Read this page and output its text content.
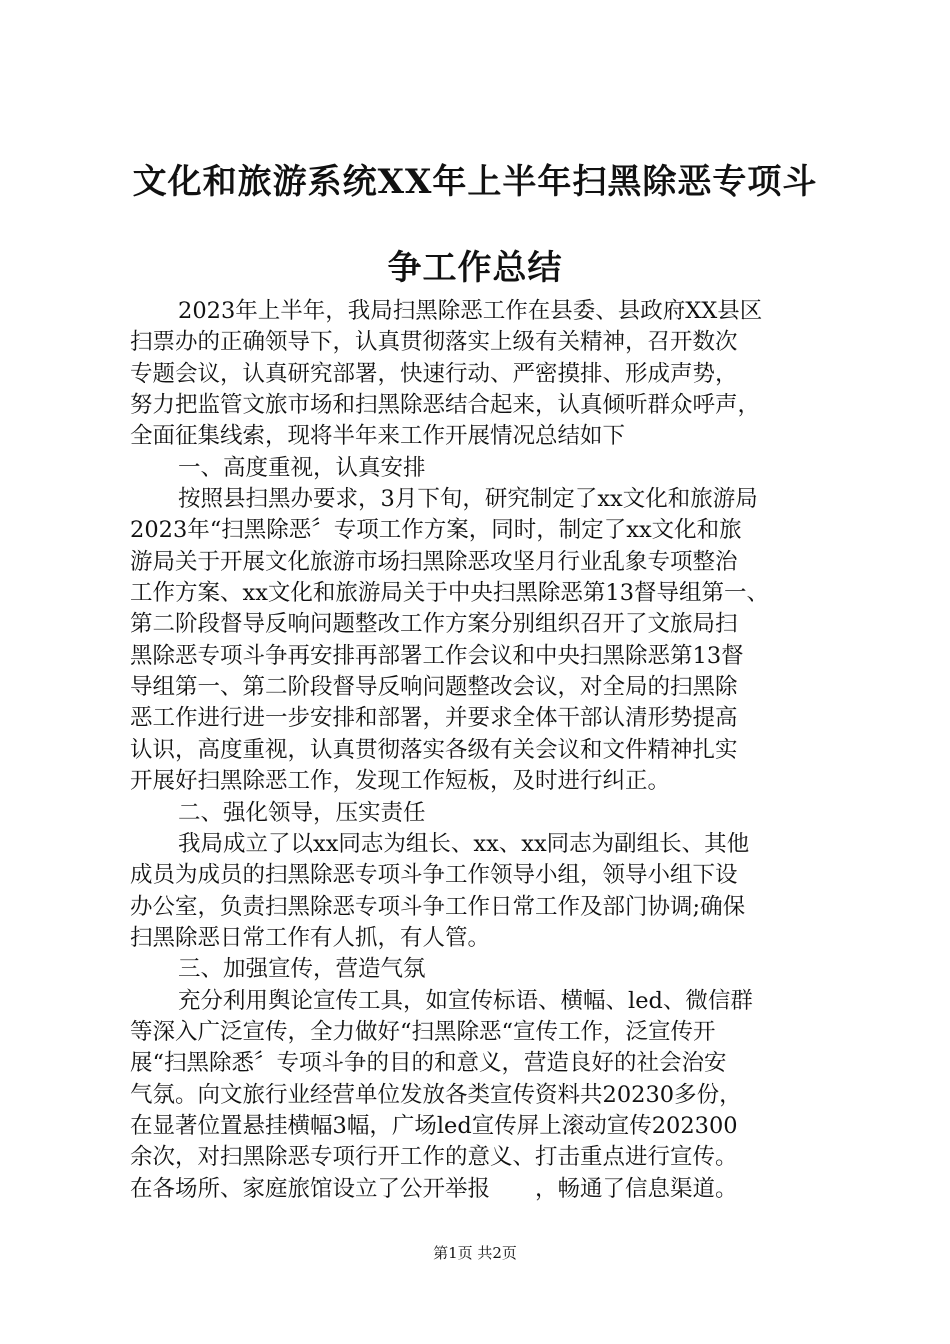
文化和旅游系统XX年上半年扫黑除恶专项斗
争工作总结
2023年上半年，我局扫黑除恶工作在县委、县政府XX县区
扫票办的正确领导下，认真贯彻落实上级有关精神，召开数次
专题会议，认真研究部署，快速行动、严密摸排、形成声势，
努力把监管文旅市场和扫黑除恶结合起来，认真倾听群众呼声，
全面征集线索，现将半年来工作开展情况总结如下
一、高度重视，认真安排
按照县扫黑办要求，3月下旬，研究制定了xx文化和旅游局
2023年“扫黑除恶〞专项工作方案，同时，制定了xx文化和旅
游局关于开展文化旅游市场扫黑除恶攻坚月行业乱象专项整治
工作方案、xx文化和旅游局关于中央扫黑除恶第13督导组第一、
第二阶段督导反响问题整改工作方案分别组织召开了文旅局扫
黑除恶专项斗争再安排再部署工作会议和中央扫黑除恶第13督
导组第一、第二阶段督导反响问题整改会议，对全局的扫黑除
恶工作进行进一步安排和部署，并要求全体干部认清形势提高
认识，高度重视，认真贯彻落实各级有关会议和文件精神扎实
开展好扫黑除恶工作，发现工作短板，及时进行纠正。
二、强化领导，压实责任
我局成立了以xx同志为组长、xx、xx同志为副组长、其他
成员为成员的扫黑除恶专项斗争工作领导小组，领导小组下设
办公室，负责扫黑除恶专项斗争工作日常工作及部门协调;确保
扫黑除恶日常工作有人抓，有人管。
三、加强宣传，营造气氛
充分利用舆论宣传工具，如宣传标语、横幅、led、微信群
等深入广泛宣传，全力做好“扫黑除恶“宣传工作，泛宣传开
展“扫黑除悉〞专项斗争的目的和意义，营造良好的社会治安
气氛。向文旅行业经营单位发放各类宣传资料共20230多份，
在显著位置悬挂横幅3幅，广场led宣传屏上滚动宣传202300
余次，对扫黑除恶专项行开工作的意义、打击重点进行宣传。
在各场所、家庭旅馆设立了公开举报　　，畅通了信息渠道。
第1页 共2页
